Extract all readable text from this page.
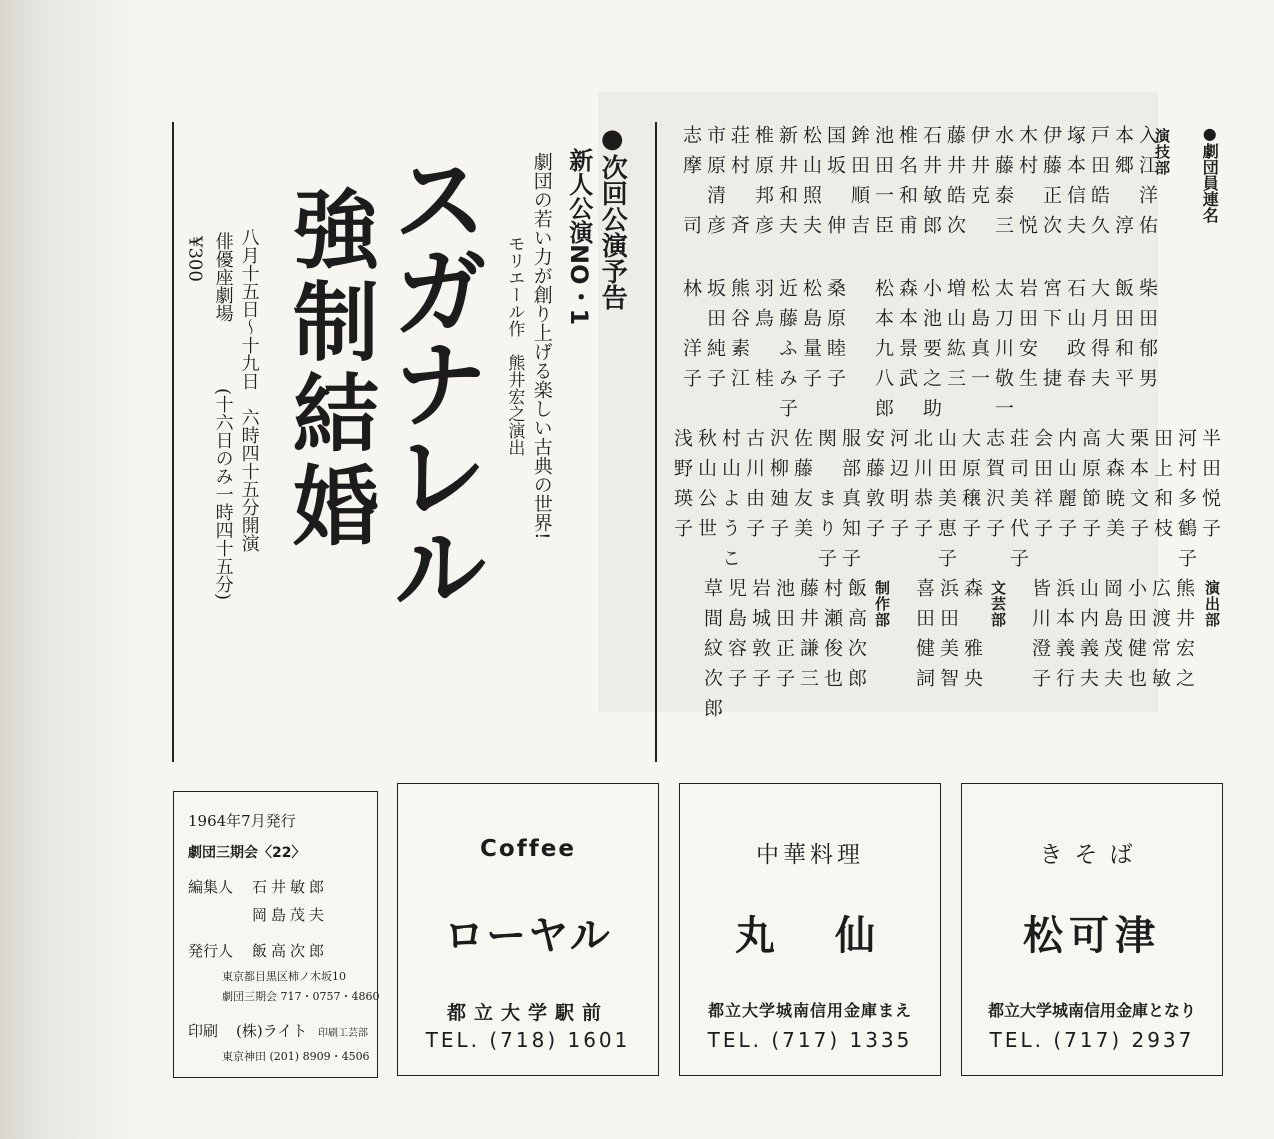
●次回公演予告
新人公演NO・1
劇団の若い力が創り上げる楽しい古典の世界!
モリエール作　熊井宏之演出
スガナレル
強制結婚
八月十五日〜十九日　六時四十五分開演
(十六日のみ一時四十五分)
俳優座劇場
¥300
●劇団員連名
演技部
入江洋佑
本郷　淳
戸田皓久
塚本信夫
伊藤正次
木村　悦
水藤泰三
伊井克
藤井皓次
石井敏郎
椎名和甫
池田一臣
鉾田順吉
国坂　伸
松山照夫
新井和夫
椎原邦彦
荘村　斉
市原清彦
志摩　司
柴田郁男
飯田和平
大月得夫
石山政春
宮下　捷
岩田安生
太刀川敬一
松島真一
増山紘三
小池要之助
森本景武
松本九八郎
桑原睦子
松島量子
近藤ふみ子
羽鳥　桂
熊谷素江
坂田純子
林　洋子
半田悦子
河村多鶴子
田上和枝
栗本文子
大森暁美
高原節子
内山麗子
会田祥子
荘司美代子
志賀沢子
大原穣子
山田美恵子
北川恭子
河辺明子
安藤敦子
服部真知子
関　まり子
佐藤友美
沢柳廸子
古川由子
村山ようこ
秋山公世
浅野瑛子
演出部
熊井宏之
広渡常敏
小田健也
岡島茂夫
山内義夫
浜本義行
皆川澄子
文芸部
森　雅央
浜田美智
喜田健詞
制作部
飯高次郎
村瀬俊也
藤井謙三
池田正子
岩城敦子
児島容子
草間紋次郎
1964年7月発行
劇団三期会〈22〉
編集人 石井敏郎
岡島茂夫
発行人 飯高次郎
東京都目黒区柿ノ木坂10
劇団三期会 717・0757・4860
印刷 (株)ライト 印刷工芸部
東京神田 (201) 8909・4506
Coffee
ローヤル
都立大学駅前
TEL. (718) 1601
中華料理
丸　仙
都立大学城南信用金庫まえ
TEL. (717) 1335
きそば
松可津
都立大学城南信用金庫となり
TEL. (717) 2937
